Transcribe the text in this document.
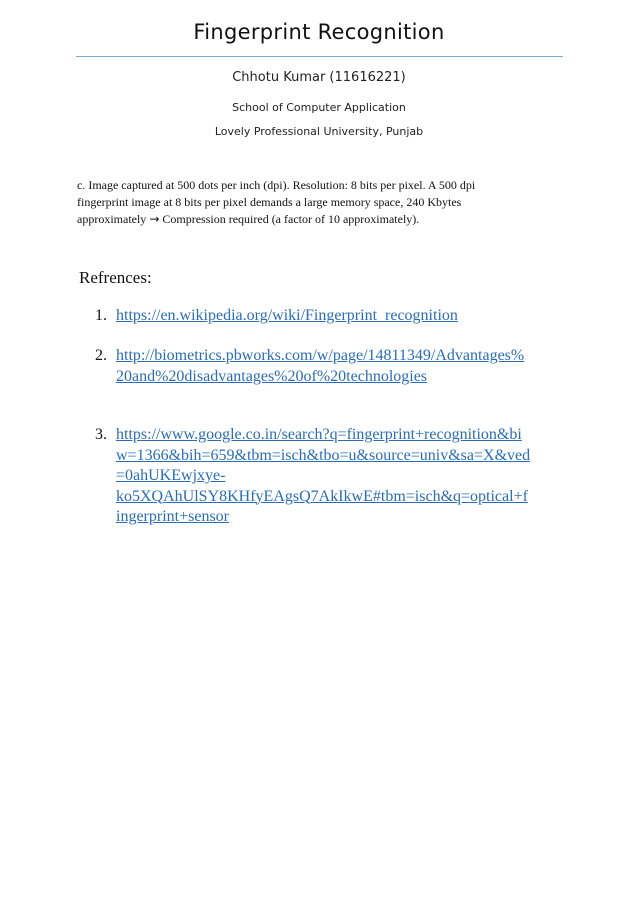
Fingerprint Recognition
Chhotu Kumar (11616221)
School of Computer Application
Lovely Professional University, Punjab
c. Image captured at 500 dots per inch (dpi). Resolution: 8 bits per pixel. A 500 dpi
fingerprint image at 8 bits per pixel demands a large memory space, 240 Kbytes
approximately → Compression required (a factor of 10 approximately).
Refrences:
1. https://en.wikipedia.org/wiki/Fingerprint_recognition
2. http://biometrics.pbworks.com/w/page/14811349/Advantages%
20and%20disadvantages%20of%20technologies
3. https://www.google.co.in/search?q=fingerprint+recognition&bi
w=1366&bih=659&tbm=isch&tbo=u&source=univ&sa=X&ved
=0ahUKEwjxye-
ko5XQAhUlSY8KHfyEAgsQ7AkIkwE#tbm=isch&q=optical+f
ingerprint+sensor
